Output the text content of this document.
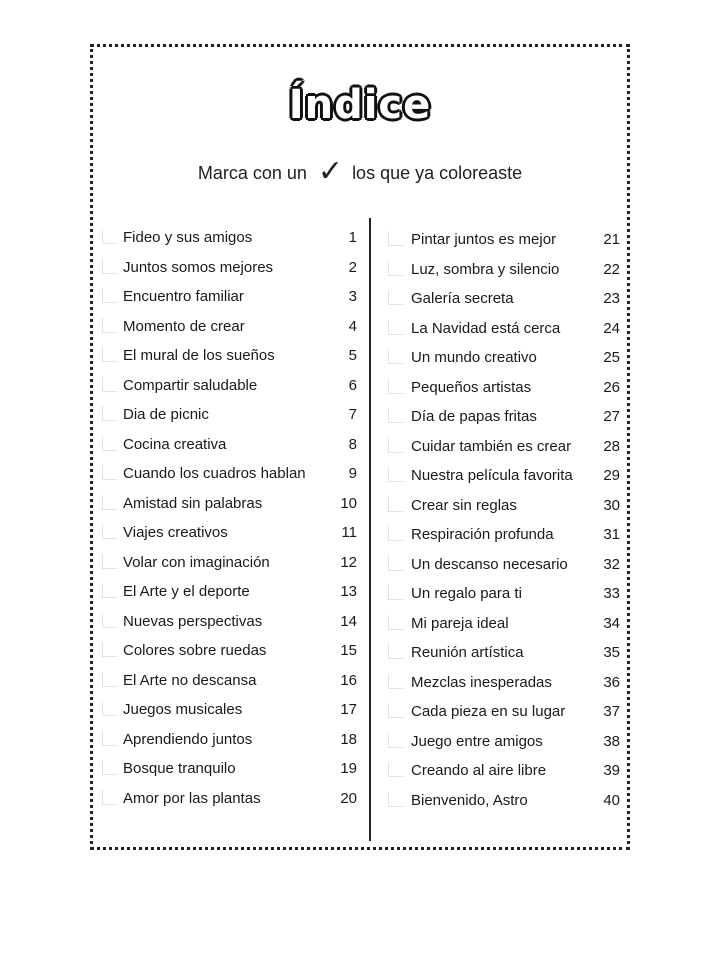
Índice
Marca con un ✓ los que ya coloreaste
Fideo y sus amigos	1
Juntos somos mejores	2
Encuentro familiar	3
Momento de crear	4
El mural de los sueños	5
Compartir saludable	6
Dia de picnic	7
Cocina creativa	8
Cuando los cuadros hablan	9
Amistad sin palabras	10
Viajes creativos	11
Volar con imaginación	12
El Arte y el deporte	13
Nuevas perspectivas	14
Colores sobre ruedas	15
El Arte no descansa	16
Juegos musicales	17
Aprendiendo juntos	18
Bosque tranquilo	19
Amor por las plantas	20
Pintar juntos es mejor	21
Luz, sombra y silencio	22
Galería secreta	23
La Navidad está cerca	24
Un mundo creativo	25
Pequeños artistas	26
Día de papas fritas	27
Cuidar también es crear	28
Nuestra película favorita	29
Crear sin reglas	30
Respiración profunda	31
Un descanso necesario	32
Un regalo para ti	33
Mi pareja ideal	34
Reunión artística	35
Mezclas inesperadas	36
Cada pieza en su lugar	37
Juego entre amigos	38
Creando al aire libre	39
Bienvenido, Astro	40
